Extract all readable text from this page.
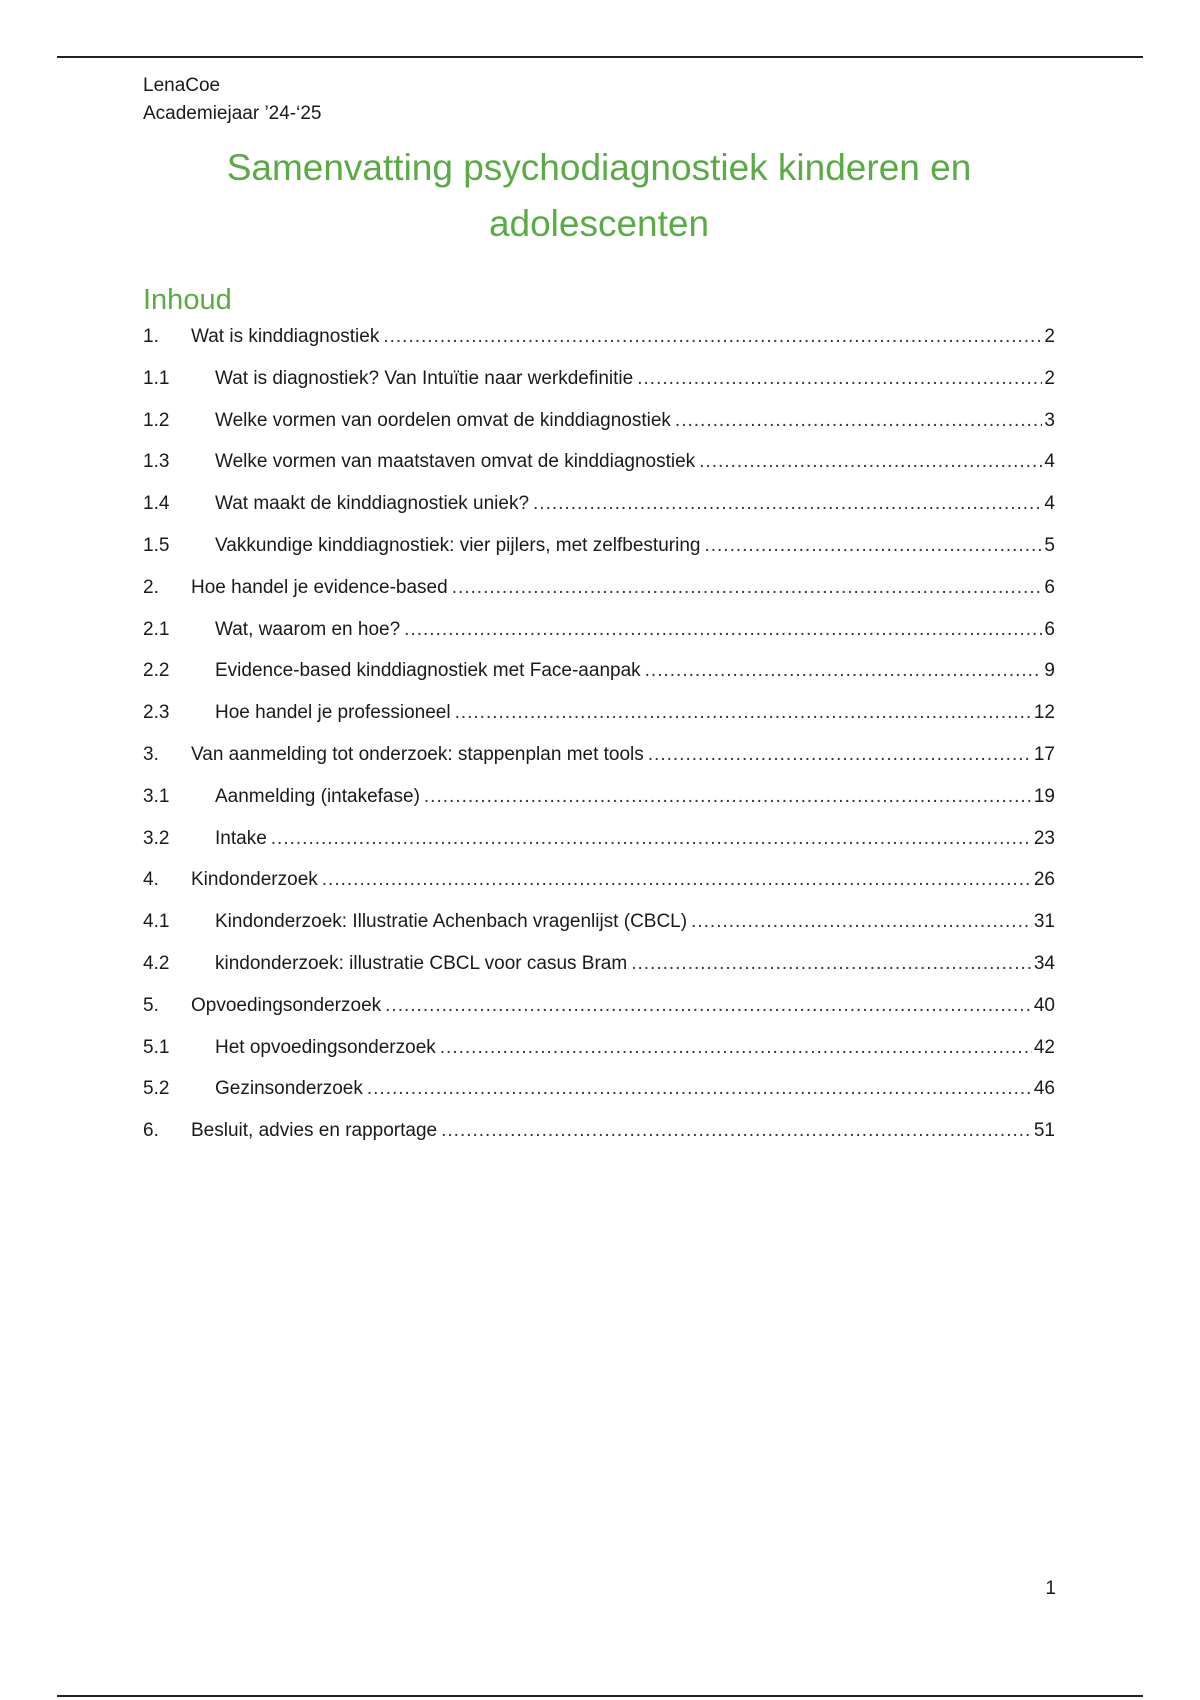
LenaCoe
Academiejaar ’24-‘25
Samenvatting psychodiagnostiek kinderen en
adolescenten
Inhoud
1.	Wat is kinddiagnostiek .....	2
1.1	Wat is diagnostiek? Van Intuïtie naar werkdefinitie .....	2
1.2	Welke vormen van oordelen omvat de kinddiagnostiek .....	3
1.3	Welke vormen van maatstaven omvat de kinddiagnostiek .....	4
1.4	Wat maakt de kinddiagnostiek uniek? .....	4
1.5	Vakkundige kinddiagnostiek: vier pijlers, met zelfbesturing .....	5
2.	Hoe handel je evidence-based .....	6
2.1	Wat, waarom en hoe? .....	6
2.2	Evidence-based kinddiagnostiek met Face-aanpak .....	9
2.3	Hoe handel je professioneel .....	12
3.	Van aanmelding tot onderzoek: stappenplan met tools .....	17
3.1	Aanmelding (intakefase) .....	19
3.2	Intake .....	23
4.	Kindonderzoek .....	26
4.1	Kindonderzoek: Illustratie Achenbach vragenlijst (CBCL) .....	31
4.2	kindonderzoek: illustratie CBCL voor casus Bram .....	34
5.	Opvoedingsonderzoek .....	40
5.1	Het opvoedingsonderzoek .....	42
5.2	Gezinsonderzoek .....	46
6.	Besluit, advies en rapportage .....	51
1
